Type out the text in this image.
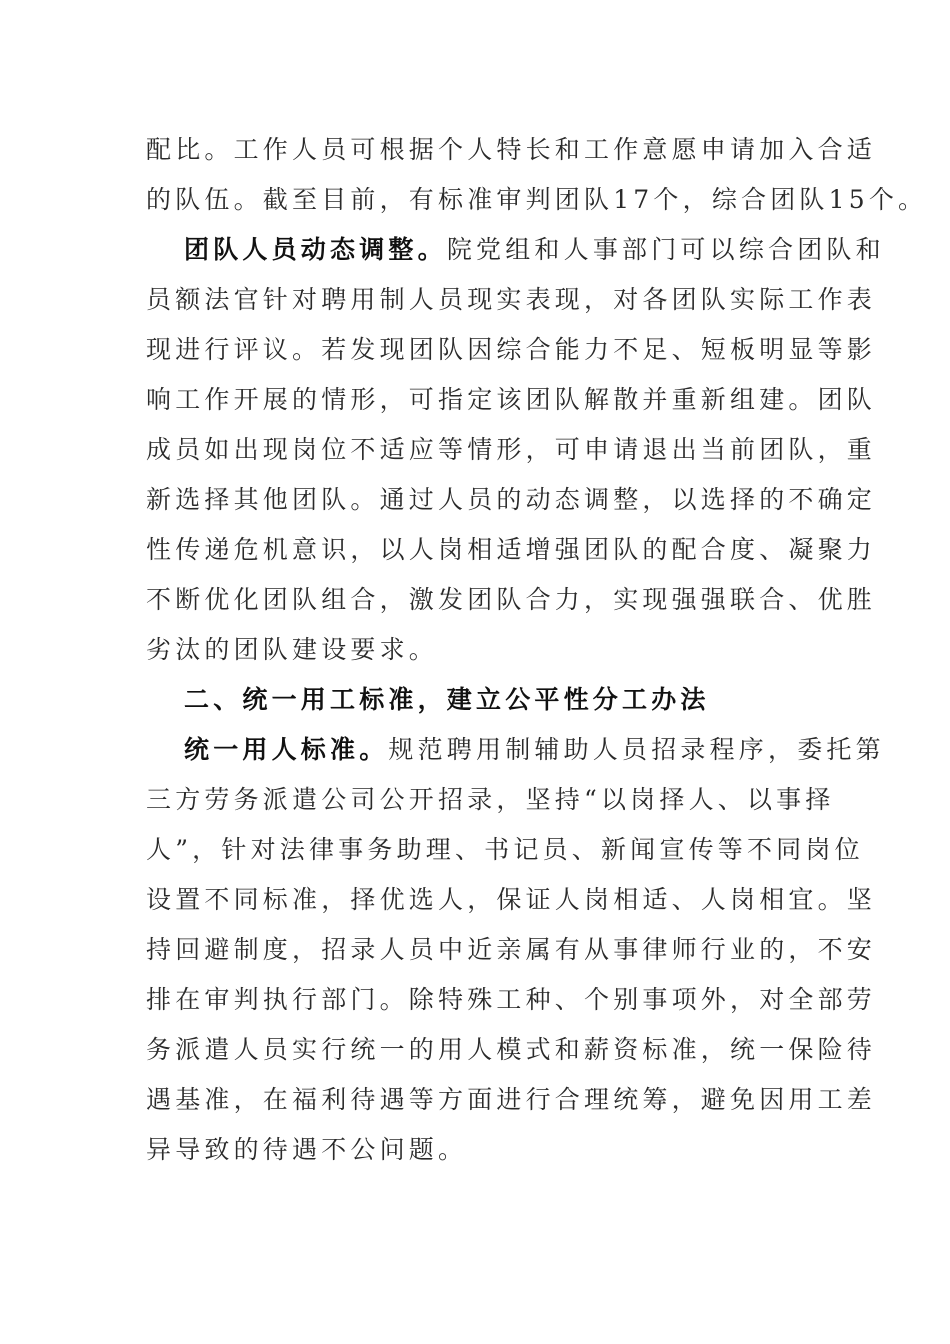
配比。工作人员可根据个人特长和工作意愿申请加入合适
的队伍。截至目前，有标准审判团队17个，综合团队15个。
团队人员动态调整。院党组和人事部门可以综合团队和
员额法官针对聘用制人员现实表现，对各团队实际工作表
现进行评议。若发现团队因综合能力不足、短板明显等影
响工作开展的情形，可指定该团队解散并重新组建。团队
成员如出现岗位不适应等情形，可申请退出当前团队，重
新选择其他团队。通过人员的动态调整，以选择的不确定
性传递危机意识，以人岗相适增强团队的配合度、凝聚力
不断优化团队组合，激发团队合力，实现强强联合、优胜
劣汰的团队建设要求。
二、统一用工标准，建立公平性分工办法
统一用人标准。规范聘用制辅助人员招录程序，委托第
三方劳务派遣公司公开招录，坚持“以岗择人、以事择
人”，针对法律事务助理、书记员、新闻宣传等不同岗位
设置不同标准，择优选人，保证人岗相适、人岗相宜。坚
持回避制度，招录人员中近亲属有从事律师行业的，不安
排在审判执行部门。除特殊工种、个别事项外，对全部劳
务派遣人员实行统一的用人模式和薪资标准，统一保险待
遇基准，在福利待遇等方面进行合理统筹，避免因用工差
异导致的待遇不公问题。
